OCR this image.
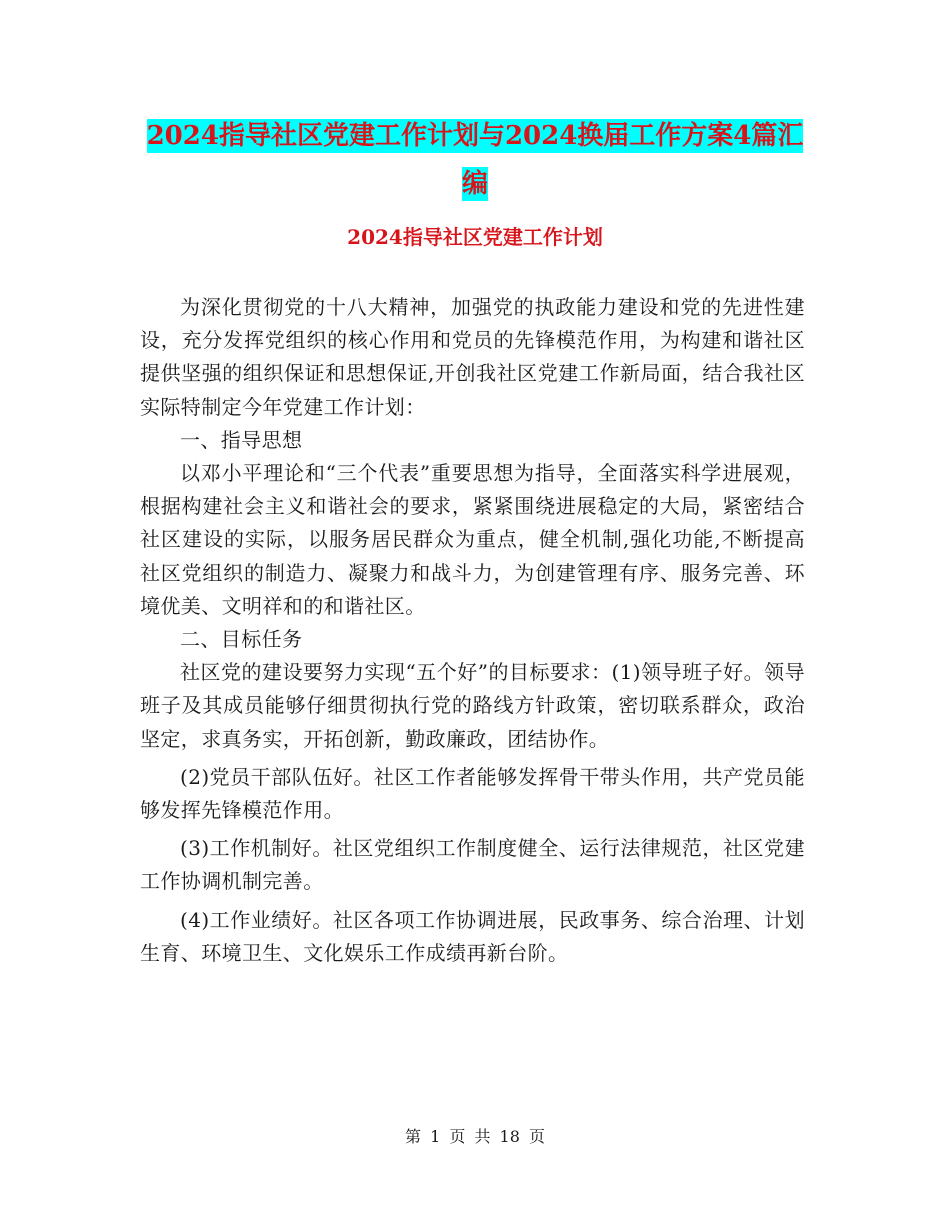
2024指导社区党建工作计划与2024换届工作方案4篇汇编
2024指导社区党建工作计划

为深化贯彻党的十八大精神，加强党的执政能力建设和党的先进性建设，充分发挥党组织的核心作用和党员的先锋模范作用，为构建和谐社区提供坚强的组织保证和思想保证,开创我社区党建工作新局面，结合我社区实际特制定今年党建工作计划：

一、指导思想

以邓小平理论和“三个代表”重要思想为指导，全面落实科学进展观，根据构建社会主义和谐社会的要求，紧紧围绕进展稳定的大局，紧密结合社区建设的实际，以服务居民群众为重点，健全机制,强化功能,不断提高社区党组织的制造力、凝聚力和战斗力，为创建管理有序、服务完善、环境优美、文明祥和的和谐社区。

二、目标任务

社区党的建设要努力实现“五个好”的目标要求：(1)领导班子好。领导班子及其成员能够仔细贯彻执行党的路线方针政策，密切联系群众，政治坚定，求真务实，开拓创新，勤政廉政，团结协作。

(2)党员干部队伍好。社区工作者能够发挥骨干带头作用，共产党员能够发挥先锋模范作用。

(3)工作机制好。社区党组织工作制度健全、运行法律规范，社区党建工作协调机制完善。

(4)工作业绩好。社区各项工作协调进展，民政事务、综合治理、计划生育、环境卫生、文化娱乐工作成绩再新台阶。

第 1 页 共 18 页
